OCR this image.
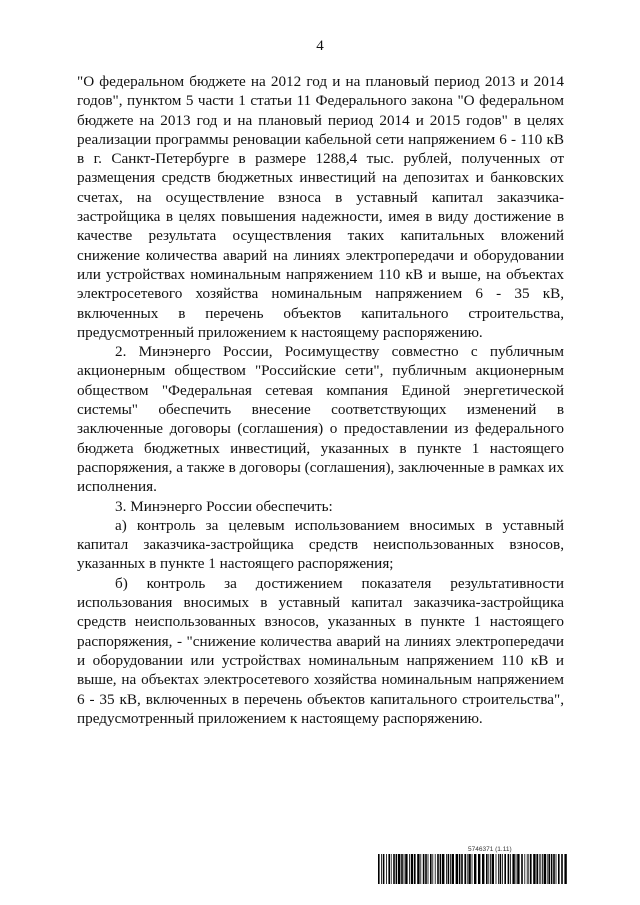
4

"О федеральном бюджете на 2012 год и на плановый период 2013 и 2014 годов", пунктом 5 части 1 статьи 11 Федерального закона "О федеральном бюджете на 2013 год и на плановый период 2014 и 2015 годов" в целях реализации программы реновации кабельной сети напряжением 6 - 110 кВ в г. Санкт-Петербурге в размере 1288,4 тыс. рублей, полученных от размещения средств бюджетных инвестиций на депозитах и банковских счетах, на осуществление взноса в уставный капитал заказчика-застройщика в целях повышения надежности, имея в виду достижение в качестве результата осуществления таких капитальных вложений снижение количества аварий на линиях электропередачи и оборудовании или устройствах номинальным напряжением 110 кВ и выше, на объектах электросетевого хозяйства номинальным напряжением 6 - 35 кВ, включенных в перечень объектов капитального строительства, предусмотренный приложением к настоящему распоряжению.

2. Минэнерго России, Росимуществу совместно с публичным акционерным обществом "Российские сети", публичным акционерным обществом "Федеральная сетевая компания Единой энергетической системы" обеспечить внесение соответствующих изменений в заключенные договоры (соглашения) о предоставлении из федерального бюджета бюджетных инвестиций, указанных в пункте 1 настоящего распоряжения, а также в договоры (соглашения), заключенные в рамках их исполнения.

3. Минэнерго России обеспечить:

а) контроль за целевым использованием вносимых в уставный капитал заказчика-застройщика средств неиспользованных взносов, указанных в пункте 1 настоящего распоряжения;

б) контроль за достижением показателя результативности использования вносимых в уставный капитал заказчика-застройщика средств неиспользованных взносов, указанных в пункте 1 настоящего распоряжения, - "снижение количества аварий на линиях электропередачи и оборудовании или устройствах номинальным напряжением 110 кВ и выше, на объектах электросетевого хозяйства номинальным напряжением 6 - 35 кВ, включенных в перечень объектов капитального строительства", предусмотренный приложением к настоящему распоряжению.

5746371 (1.11)
